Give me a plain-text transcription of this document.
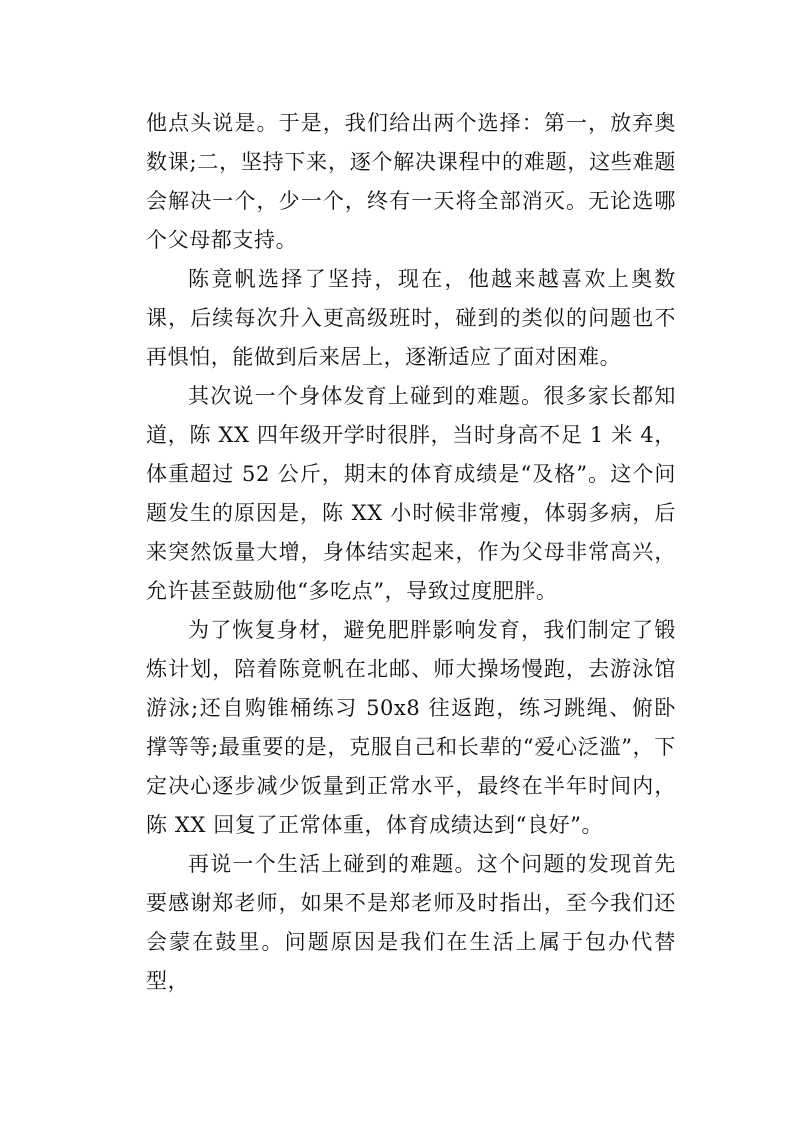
他点头说是。于是，我们给出两个选择：第一，放弃奥数课;二，坚持下来，逐个解决课程中的难题，这些难题会解决一个，少一个，终有一天将全部消灭。无论选哪个父母都支持。

陈竟帆选择了坚持，现在，他越来越喜欢上奥数课，后续每次升入更高级班时，碰到的类似的问题也不再惧怕，能做到后来居上，逐渐适应了面对困难。

其次说一个身体发育上碰到的难题。很多家长都知道，陈 XX 四年级开学时很胖，当时身高不足 1 米 4，体重超过 52 公斤，期末的体育成绩是“及格”。这个问题发生的原因是，陈 XX 小时候非常瘦，体弱多病，后来突然饭量大增，身体结实起来，作为父母非常高兴，允许甚至鼓励他“多吃点”，导致过度肥胖。

为了恢复身材，避免肥胖影响发育，我们制定了锻炼计划，陪着陈竟帆在北邮、师大操场慢跑，去游泳馆游泳;还自购锥桶练习 50x8 往返跑，练习跳绳、俯卧撑等等;最重要的是，克服自己和长辈的“爱心泛滥”，下定决心逐步减少饭量到正常水平，最终在半年时间内，陈 XX 回复了正常体重，体育成绩达到“良好”。

再说一个生活上碰到的难题。这个问题的发现首先要感谢郑老师，如果不是郑老师及时指出，至今我们还会蒙在鼓里。问题原因是我们在生活上属于包办代替型，
